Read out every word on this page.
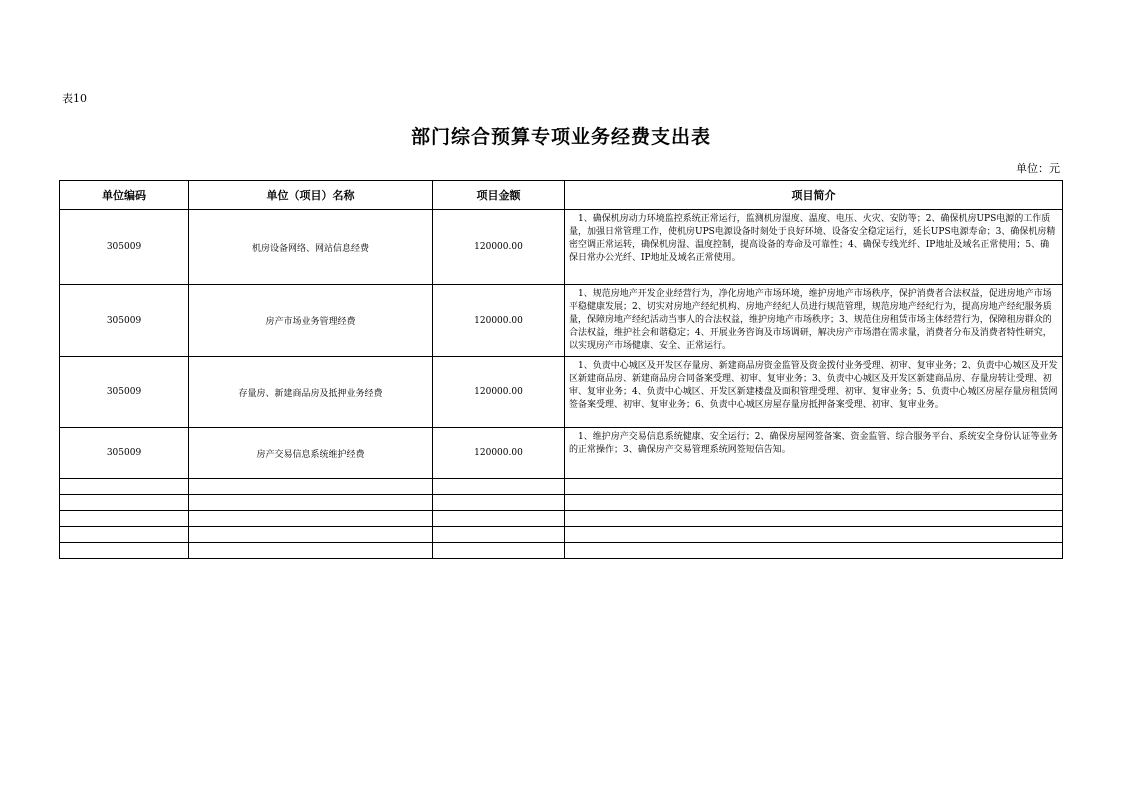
表10
部门综合预算专项业务经费支出表
单位：元
单位编码	单位（项目）名称	项目金额	项目简介
305009	机房设备网络、网站信息经费	120000.00	1、确保机房动力环境监控系统正常运行，监测机房湿度、温度、电压、火灾、安防等；2、确保机房UPS电源的工作质量，加强日常管理工作，使机房UPS电源设备时刻处于良好环境、设备安全稳定运行，延长UPS电源寿命；3、确保机房精密空调正常运转，确保机房湿、温度控制，提高设备的寿命及可靠性；4、确保专线光纤、IP地址及域名正常使用；5、确保日常办公光纤、IP地址及域名正常使用。
305009	房产市场业务管理经费	120000.00	1、规范房地产开发企业经营行为，净化房地产市场环境，维护房地产市场秩序，保护消费者合法权益，促进房地产市场平稳健康发展；2、切实对房地产经纪机构、房地产经纪人员进行规范管理，规范房地产经纪行为，提高房地产经纪服务质量，保障房地产经纪活动当事人的合法权益，维护房地产市场秩序；3、规范住房租赁市场主体经营行为，保障租房群众的合法权益，维护社会和谐稳定；4、开展业务咨询及市场调研，解决房产市场潜在需求量，消费者分布及消费者特性研究，以实现房产市场健康、安全、正常运行。
305009	存量房、新建商品房及抵押业务经费	120000.00	1、负责中心城区及开发区存量房、新建商品房资金监管及资金拨付业务受理、初审、复审业务；2、负责中心城区及开发区新建商品房、新建商品房合同备案受理、初审、复审业务；3、负责中心城区及开发区新建商品房、存量房转让受理、初审、复审业务；4、负责中心城区、开发区新建楼盘及面积管理受理、初审、复审业务；5、负责中心城区房屋存量房租赁网签备案受理、初审、复审业务；6、负责中心城区房屋存量房抵押备案受理、初审、复审业务。
305009	房产交易信息系统维护经费	120000.00	1、维护房产交易信息系统健康、安全运行；2、确保房屋网签备案、资金监管、综合服务平台、系统安全身份认证等业务的正常操作；3、确保房产交易管理系统网签短信告知。
